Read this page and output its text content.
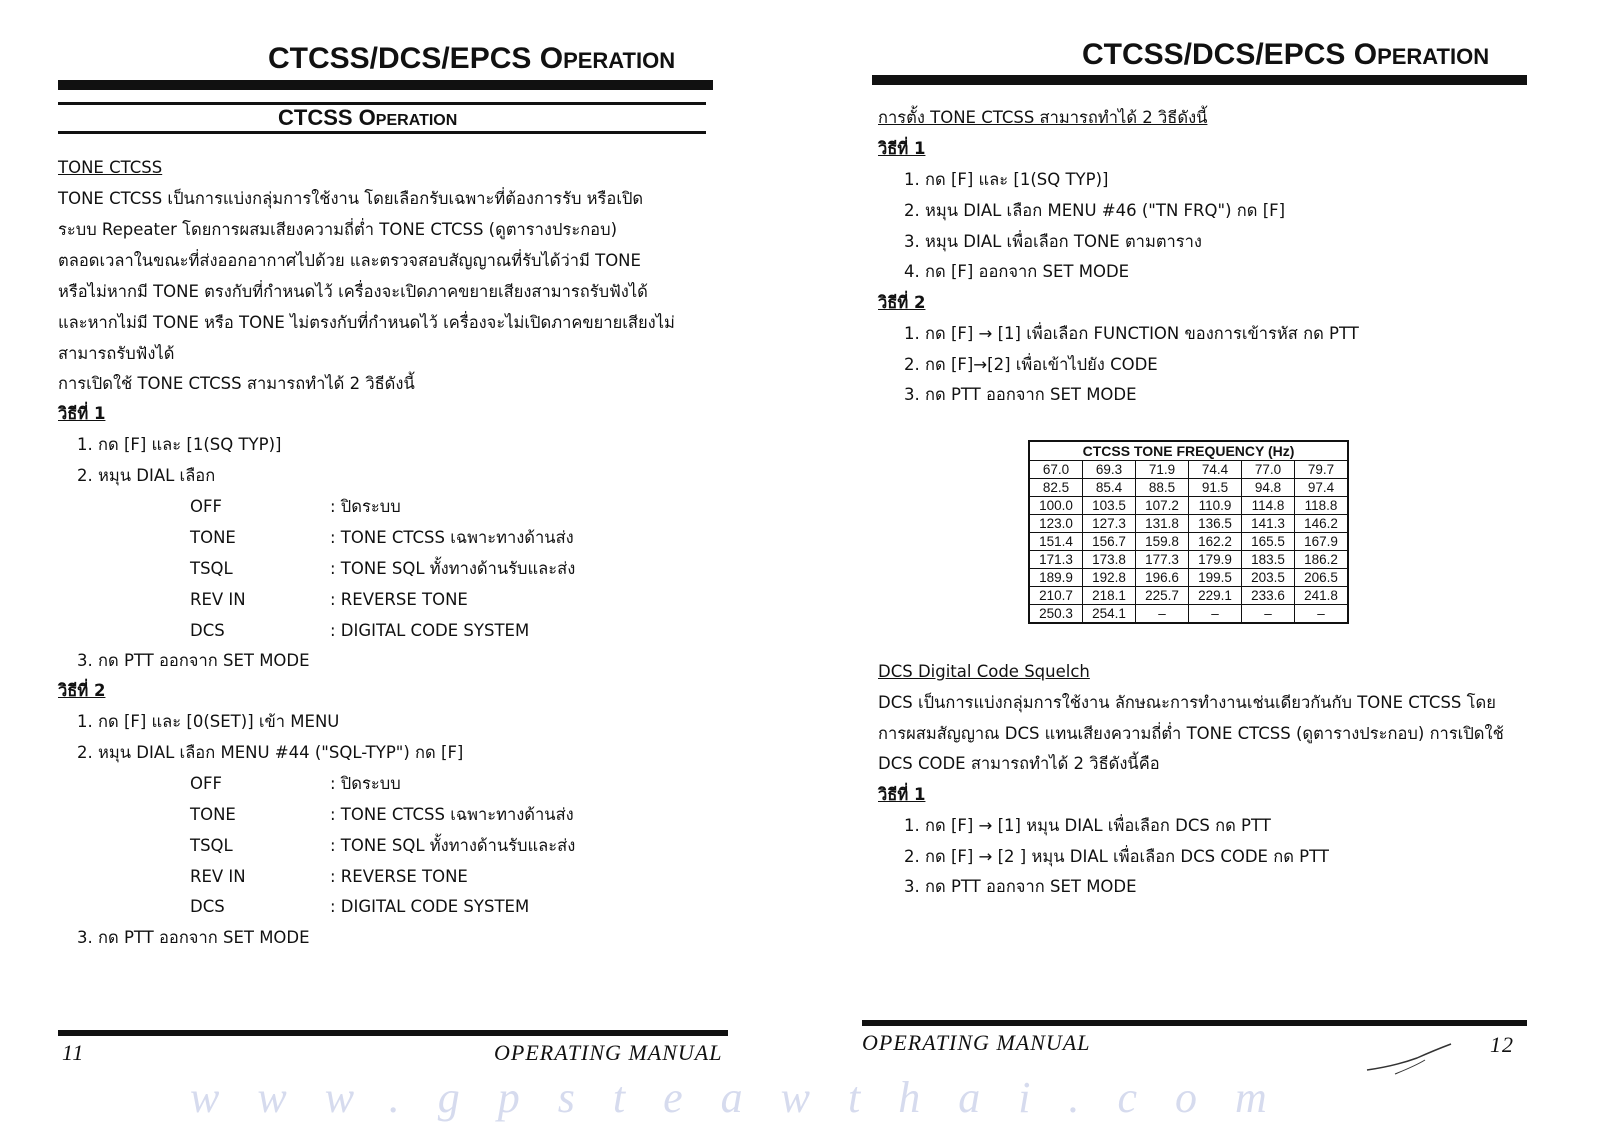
CTCSS/DCS/EPCS OPERATION
CTCSS OPERATION
TONE CTCSS
TONE CTCSS เป็นการแบ่งกลุ่มการใช้งาน โดยเลือกรับเฉพาะที่ต้องการรับ หรือเปิด
ระบบ Repeater โดยการผสมเสียงความถี่ต่ำ TONE CTCSS (ดูตารางประกอบ)
ตลอดเวลาในขณะที่ส่งออกอากาศไปด้วย และตรวจสอบสัญญาณที่รับได้ว่ามี TONE
หรือไม่หากมี TONE ตรงกับที่กำหนดไว้ เครื่องจะเปิดภาคขยายเสียงสามารถรับฟังได้
และหากไม่มี TONE หรือ TONE ไม่ตรงกับที่กำหนดไว้ เครื่องจะไม่เปิดภาคขยายเสียงไม่
สามารถรับฟังได้
การเปิดใช้ TONE CTCSS สามารถทำได้ 2 วิธีดังนี้
วิธีที่ 1
1. กด [F] และ [1(SQ TYP)]
2. หมุน DIAL เลือก
OFF	: ปิดระบบ
TONE	: TONE CTCSS เฉพาะทางด้านส่ง
TSQL	: TONE SQL ทั้งทางด้านรับและส่ง
REV IN	: REVERSE TONE
DCS	: DIGITAL CODE SYSTEM
3. กด PTT ออกจาก SET MODE
วิธีที่ 2
1. กด [F] และ [0(SET)] เข้า MENU
2. หมุน DIAL เลือก MENU #44 ("SQL-TYP") กด [F]
OFF	: ปิดระบบ
TONE	: TONE CTCSS เฉพาะทางด้านส่ง
TSQL	: TONE SQL ทั้งทางด้านรับและส่ง
REV IN	: REVERSE TONE
DCS	: DIGITAL CODE SYSTEM
3. กด PTT ออกจาก SET MODE
11	OPERATING MANUAL
CTCSS/DCS/EPCS OPERATION
การตั้ง TONE CTCSS สามารถทำได้ 2 วิธีดังนี้
วิธีที่ 1
1. กด [F] และ [1(SQ TYP)]
2. หมุน DIAL เลือก MENU #46 ("TN FRQ") กด [F]
3. หมุน DIAL เพื่อเลือก TONE ตามตาราง
4. กด [F] ออกจาก SET MODE
วิธีที่ 2
1. กด [F] → [1] เพื่อเลือก FUNCTION ของการเข้ารหัส กด PTT
2. กด [F]→[2] เพื่อเข้าไปยัง CODE
3. กด PTT ออกจาก SET MODE
CTCSS TONE FREQUENCY (Hz)					
67.0	69.3	71.9	74.4	77.0	79.7
82.5	85.4	88.5	91.5	94.8	97.4
100.0	103.5	107.2	110.9	114.8	118.8
123.0	127.3	131.8	136.5	141.3	146.2
151.4	156.7	159.8	162.2	165.5	167.9
171.3	173.8	177.3	179.9	183.5	186.2
189.9	192.8	196.6	199.5	203.5	206.5
210.7	218.1	225.7	229.1	233.6	241.8
250.3	254.1	–	–	–	–
DCS Digital Code Squelch
DCS เป็นการแบ่งกลุ่มการใช้งาน ลักษณะการทำงานเช่นเดียวกันกับ TONE CTCSS โดย
การผสมสัญญาณ DCS แทนเสียงความถี่ต่ำ TONE CTCSS (ดูตารางประกอบ) การเปิดใช้
DCS CODE สามารถทำได้ 2 วิธีดังนี้คือ
วิธีที่ 1
1. กด [F] → [1] หมุน DIAL เพื่อเลือก DCS กด PTT
2. กด [F] → [2 ] หมุน DIAL เพื่อเลือก DCS CODE กด PTT
3. กด PTT ออกจาก SET MODE
OPERATING MANUAL	12
www.gpsteawthai.com
